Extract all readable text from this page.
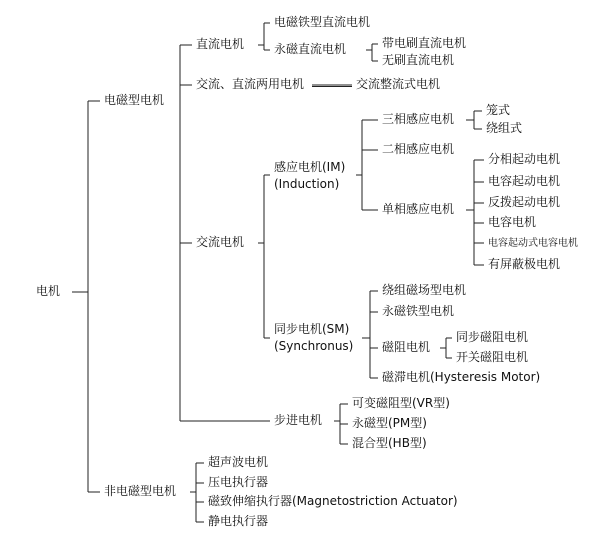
电机
电磁型电机
非电磁型电机
直流电机
交流、直流两用电机	交流整流式电机
交流电机
步进电机
电磁铁型直流电机
永磁直流电机	带电刷直流电机
无刷直流电机
感应电机(IM)
(Induction)
三相感应电机
笼式
绕组式
二相感应电机
单相感应电机
分相起动电机
电容起动电机
反拨起动电机
电容电机
电容起动式电容电机
有屏蔽极电机
同步电机(SM)
(Synchronus)
绕组磁场型电机
永磁铁型电机
磁阻电机
同步磁阻电机
开关磁阻电机
磁滞电机(Hysteresis Motor)
可变磁阻型(VR型)
永磁型(PM型)
混合型(HB型)
超声波电机
压电执行器
磁致伸缩执行器(Magnetostriction Actuator)
静电执行器
